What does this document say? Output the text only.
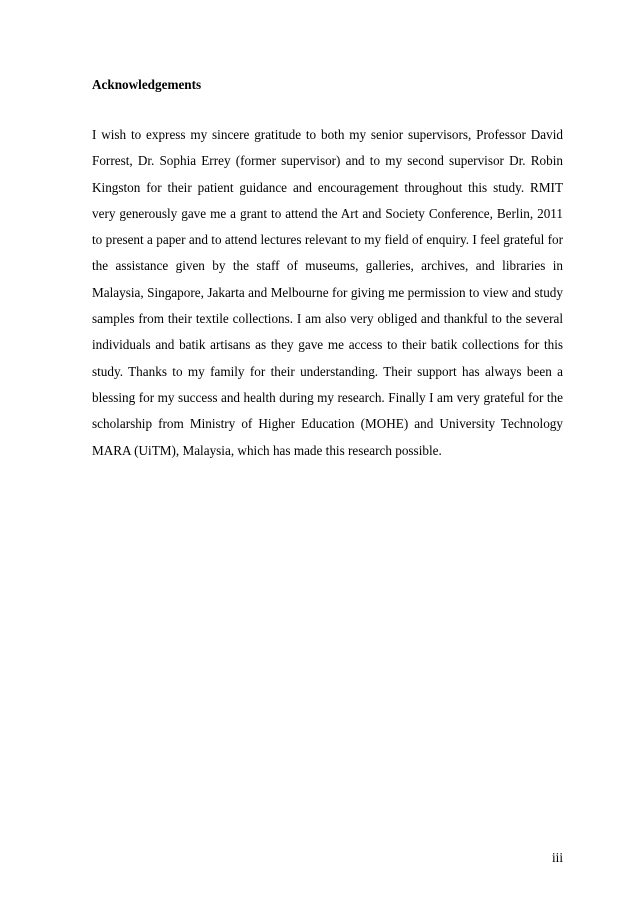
Acknowledgements

I wish to express my sincere gratitude to both my senior supervisors, Professor David Forrest, Dr. Sophia Errey (former supervisor) and to my second supervisor Dr. Robin Kingston for their patient guidance and encouragement throughout this study. RMIT very generously gave me a grant to attend the Art and Society Conference, Berlin, 2011 to present a paper and to attend lectures relevant to my field of enquiry. I feel grateful for the assistance given by the staff of museums, galleries, archives, and libraries in Malaysia, Singapore, Jakarta and Melbourne for giving me permission to view and study samples from their textile collections. I am also very obliged and thankful to the several individuals and batik artisans as they gave me access to their batik collections for this study. Thanks to my family for their understanding. Their support has always been a blessing for my success and health during my research. Finally I am very grateful for the scholarship from Ministry of Higher Education (MOHE) and University Technology MARA (UiTM), Malaysia, which has made this research possible.

iii
